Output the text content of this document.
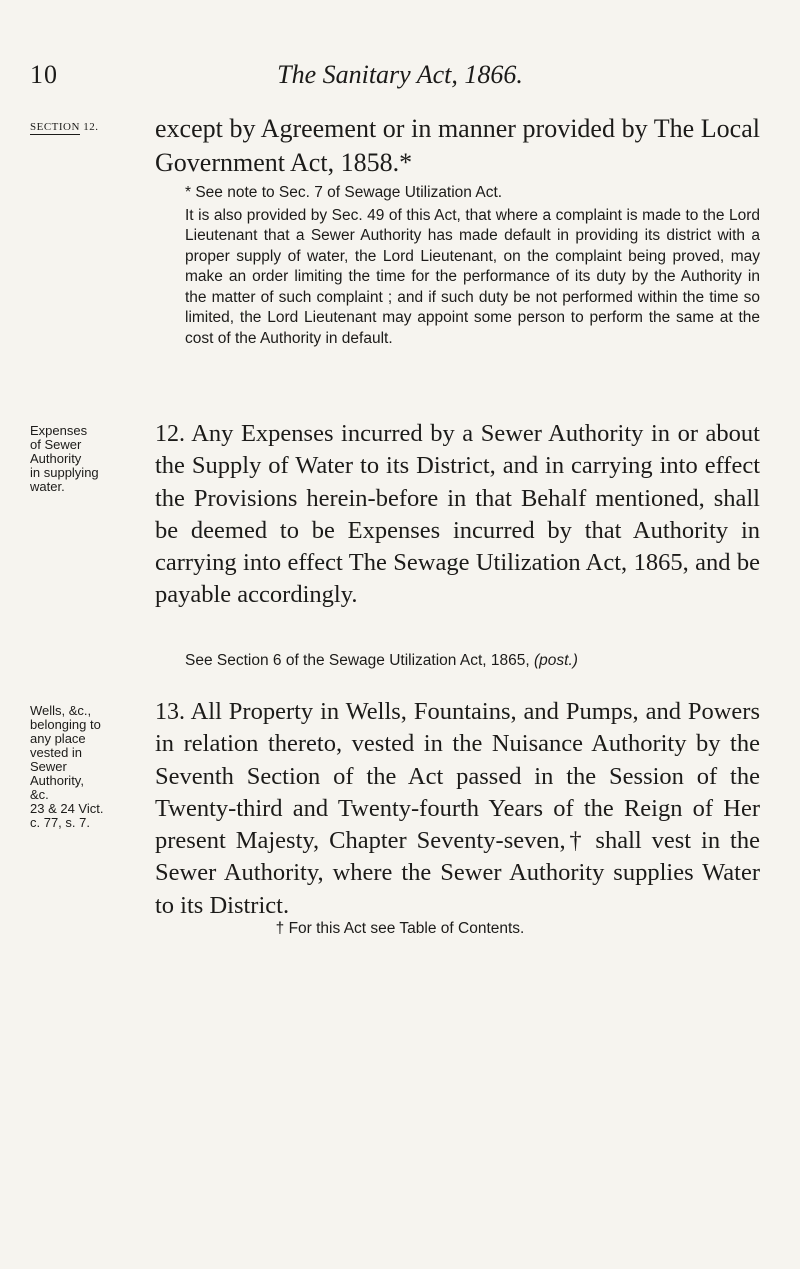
10	The Sanitary Act, 1866.
SECTION 12. except by Agreement or in manner provided by The Local Government Act, 1858.*

* See note to Sec. 7 of Sewage Utilization Act.

It is also provided by Sec. 49 of this Act, that where a complaint is made to the Lord Lieutenant that a Sewer Authority has made default in providing its district with a proper supply of water, the Lord Lieutenant, on the complaint being proved, may make an order limiting the time for the performance of its duty by the Authority in the matter of such complaint ; and if such duty be not performed within the time so limited, the Lord Lieutenant may appoint some person to perform the same at the cost of the Authority in default.

Expenses
of Sewer
Authority
in supplying
water.
12. Any Expenses incurred by a Sewer Authority in or about the Supply of Water to its District, and in carrying into effect the Provisions herein-before in that Behalf mentioned, shall be deemed to be Expenses incurred by that Authority in carrying into effect The Sewage Utilization Act, 1865, and be payable accordingly.
See Section 6 of the Sewage Utilization Act, 1865, (post.)
Wells, &c.,
belonging to
any place
vested in
Sewer
Authority,
&c.
23 & 24 Vict.
c. 77, s. 7.
13. All Property in Wells, Fountains, and Pumps, and Powers in relation thereto, vested in the Nuisance Authority by the Seventh Section of the Act passed in the Session of the Twenty-third and Twenty-fourth Years of the Reign of Her present Majesty, Chapter Seventy-seven,† shall vest in the Sewer Authority, where the Sewer Authority supplies Water to its District.
† For this Act see Table of Contents.
